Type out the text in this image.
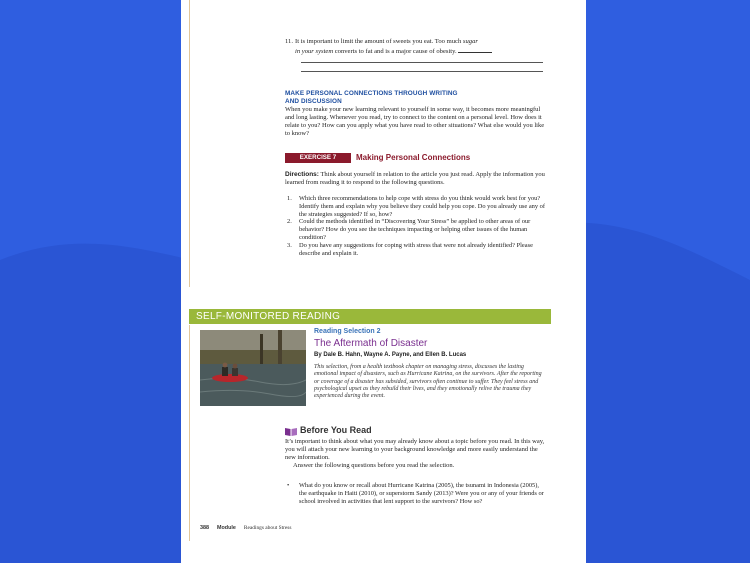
11. It is important to limit the amount of sweets you eat. Too much sugar
in your system converts to fat and is a major cause of obesity.
MAKE PERSONAL CONNECTIONS THROUGH WRITING
AND DISCUSSION
When you make your new learning relevant to yourself in some way, it becomes more meaningful and long lasting. Whenever you read, try to connect to the content on a personal level. How does it relate to you? How can you apply what you have read to other situations? What else would you like to know?
EXERCISE 7	Making Personal Connections
Directions: Think about yourself in relation to the article you just read. Apply the information you learned from reading it to respond to the following questions.
1. Which three recommendations to help cope with stress do you think would work best for you? Identify them and explain why you believe they could help you cope. Do you already use any of the strategies suggested? If so, how?
2. Could the methods identified in “Discovering Your Stress” be applied to other areas of our behavior? How do you see the techniques impacting or helping other issues of the human condition?
3. Do you have any suggestions for coping with stress that were not already identified? Please describe and explain it.
SELF-MONITORED READING
Reading Selection 2
The Aftermath of Disaster
By Dale B. Hahn, Wayne A. Payne, and Ellen B. Lucas
This selection, from a health textbook chapter on managing stress, discusses the lasting emotional impact of disasters, such as Hurricane Katrina, on the survivors. After the reporting or coverage of a disaster has subsided, survivors often continue to suffer. They feel stress and psychological upset as they rebuild their lives, and they emotionally relive the trauma they experienced during the event.
Before You Read
It’s important to think about what you may already know about a topic before you read. In this way, you will attach your new learning to your background knowledge and more easily understand the new information.
Answer the following questions before you read the selection.
•	What do you know or recall about Hurricane Katrina (2005), the tsunami in Indonesia (2005), the earthquake in Haiti (2010), or superstorm Sandy (2013)? Were you or any of your friends or school involved in activities that lent support to the survivors? How so?
388 Module Readings about Stress
